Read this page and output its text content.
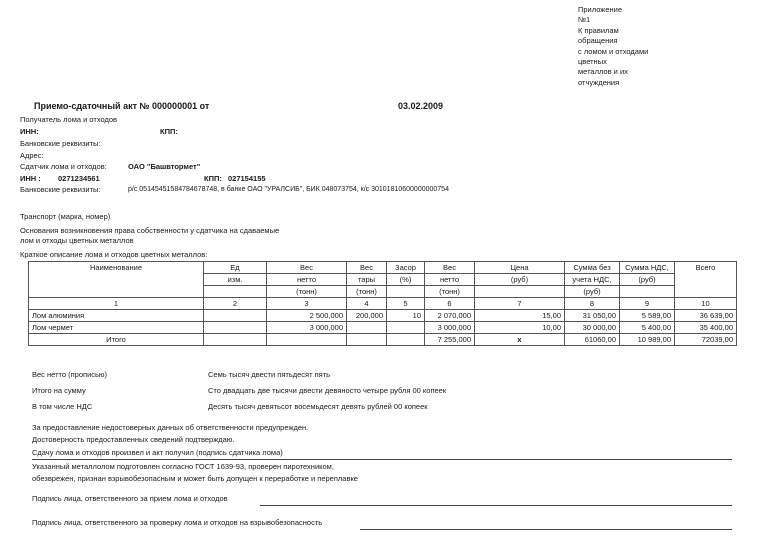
Приложение
№1
К правилам
обращения
с ломом и отходами
цветных
металлов и их
отчуждения
Приемо-сдаточный акт № 000000001 от	03.02.2009
Получатель лома и отходов
ИНН:	КПП:
Банковские реквизиты:
Адрес:
Сдатчик лома и отходов:	ОАО "Башвтормет"
ИНН : 0271234561	КПП: 027154155
Банковские реквизиты:	р/с 05145451584784678748, в банке ОАО "УРАЛСИБ", БИК 048073754, к/с 30101810600000000754
Транспорт (марка, номер)
Основания возникновения права собственности у сдатчика на сдаваемые
лом и отходы цветных металлов
Краткое описание лома и отходов цветных металлов:
Наименование	Ед	Вес	Вес	Засор	Вес	Цена	Сумма без	Сумма НДС,	Всего
	изм.	нетто	тары	(%)	нетто	(руб)	учета НДС,	(руб)	
		(тонн)	(тонн)		(тонн)		(руб)		
1	2	3	4	5	6	7	8	9	10
Лом алюминия		2 500,000	200,000	10	2 070,000	15,00	31 050,00	5 589,00	36 639,00
Лом чермет		3 000,000			3 000,000	10,00	30 000,00	5 400,00	35 400,00
Итого					7 255,000	x	61060,00	10 989,00	72039,00
Вес нетто (прописью)	Семь тысяч двести пятьдесят пять
Итого на сумму	Сто двадцать две тысячи двести девяносто четыре рубля 00 копеек
В том числе НДС	Десять тысяч девятьсот восемьдесят девять рублей 00 копеек
За предоставление недостоверных данных об ответственности предупрежден.
Достоверность предоставленных сведений подтверждаю.
Сдачу лома и отходов произвел и акт получил (подпись сдатчика лома)
Указанный металлолом подготовлен согласно ГОСТ 1639-93, проверен пиротехником,
обезврежен, признан взрывобезопасным и может быть допущен к переработке и переплавке
Подпись лица, ответственного за прием лома и отходов
Подпись лица, ответственного за проверку лома и отходов на взрывобезопасность
